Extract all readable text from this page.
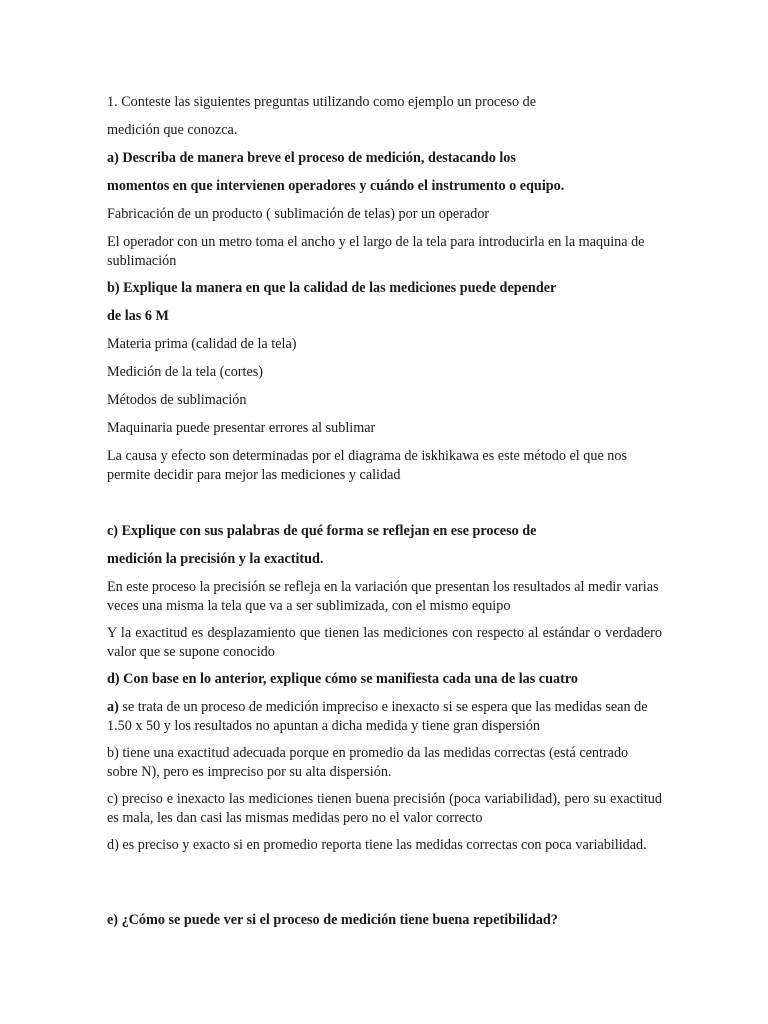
1. Conteste las siguientes preguntas utilizando como ejemplo un proceso de
medición que conozca.
a) Describa de manera breve el proceso de medición, destacando los
momentos en que intervienen operadores y cuándo el instrumento o equipo.
Fabricación de un producto ( sublimación de telas) por un operador
El operador con un metro toma el ancho y el largo de la tela para introducirla en la maquina de sublimación
b) Explique la manera en que la calidad de las mediciones puede depender
de las 6 M
Materia prima (calidad de la tela)
Medición de la tela (cortes)
Métodos de sublimación
Maquinaria puede presentar errores al sublimar
La causa y efecto son determinadas por el diagrama de iskhikawa es este método el que nos permite decidir para mejor las mediciones y calidad
c) Explique con sus palabras de qué forma se reflejan en ese proceso de
medición la precisión y la exactitud.
En este proceso la precisión se refleja en la variación que presentan los resultados al medir varias veces una misma la tela que va a ser sublimizada, con el mismo equipo
Y la exactitud es desplazamiento que tienen las mediciones con respecto al estándar o verdadero valor que se supone conocido
d) Con base en lo anterior, explique cómo se manifiesta cada una de las cuatro
a) se trata de un proceso de medición impreciso e inexacto si se espera que las medidas sean de 1.50 x 50 y los resultados no apuntan a dicha medida y tiene gran dispersión
b) tiene una exactitud adecuada porque en promedio da las medidas correctas (está centrado sobre N), pero es impreciso por su alta dispersión.
c) preciso e inexacto las mediciones tienen buena precisión (poca variabilidad), pero su exactitud es mala, les dan casi las mismas medidas pero no el valor correcto
d) es preciso y exacto si en promedio reporta tiene las medidas correctas con poca variabilidad.
e) ¿Cómo se puede ver si el proceso de medición tiene buena repetibilidad?
